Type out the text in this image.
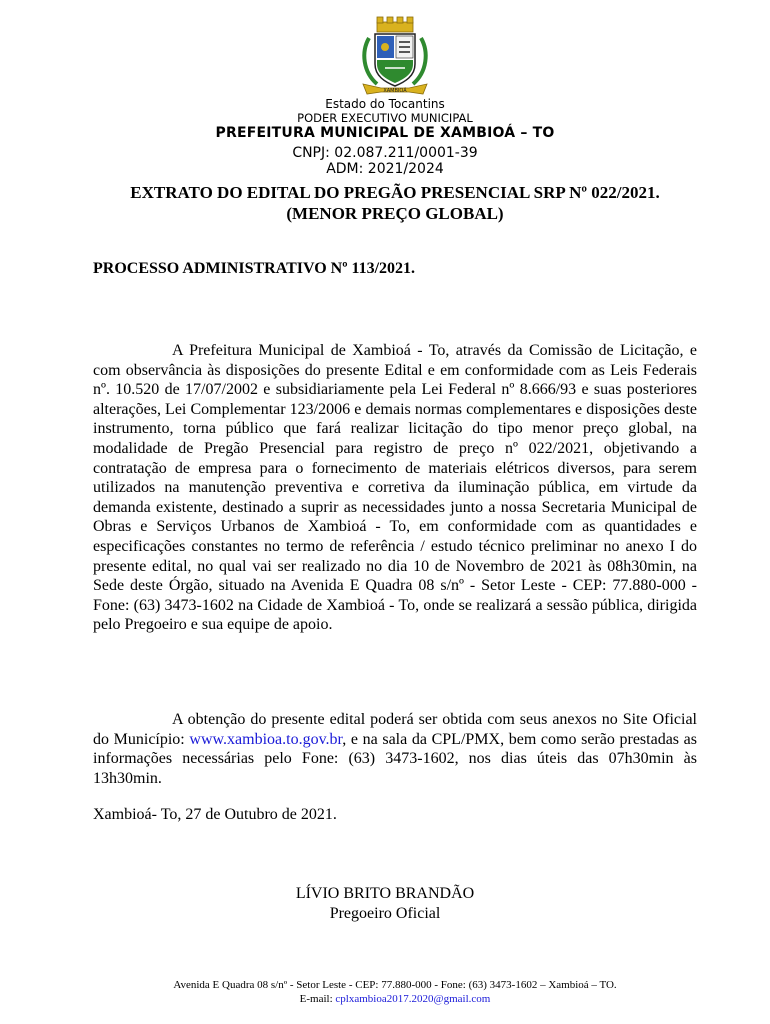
XAMBIOÁ
Estado do Tocantins
PODER EXECUTIVO MUNICIPAL
PREFEITURA MUNICIPAL DE XAMBIOÁ – TO
CNPJ: 02.087.211/0001-39
ADM: 2021/2024
EXTRATO DO EDITAL DO PREGÃO PRESENCIAL SRP Nº 022/2021.
(MENOR PREÇO GLOBAL)
PROCESSO ADMINISTRATIVO Nº 113/2021.

A Prefeitura Municipal de Xambioá - To, através da Comissão de Licitação, e com observância às disposições do presente Edital e em conformidade com as Leis Federais nº. 10.520 de 17/07/2002 e subsidiariamente pela Lei Federal nº 8.666/93 e suas posteriores alterações, Lei Complementar 123/2006 e demais normas complementares e disposições deste instrumento, torna público que fará realizar licitação do tipo menor preço global, na modalidade de Pregão Presencial para registro de preço nº 022/2021, objetivando a contratação de empresa para o fornecimento de materiais elétricos diversos, para serem utilizados na manutenção preventiva e corretiva da iluminação pública, em virtude da demanda existente, destinado a suprir as necessidades junto a nossa Secretaria Municipal de Obras e Serviços Urbanos de Xambioá - To, em conformidade com as quantidades e especificações constantes no termo de referência / estudo técnico preliminar no anexo I do presente edital, no qual vai ser realizado no dia 10 de Novembro de 2021 às 08h30min, na Sede deste Órgão, situado na Avenida E Quadra 08 s/nº - Setor Leste - CEP: 77.880-000 - Fone: (63) 3473-1602 na Cidade de Xambioá - To, onde se realizará a sessão pública, dirigida pelo Pregoeiro e sua equipe de apoio.

A obtenção do presente edital poderá ser obtida com seus anexos no Site Oficial do Município: www.xambioa.to.gov.br, e na sala da CPL/PMX, bem como serão prestadas as informações necessárias pelo Fone: (63) 3473-1602, nos dias úteis das 07h30min às 13h30min.

Xambioá- To, 27 de Outubro de 2021.
LÍVIO BRITO BRANDÃO
Pregoeiro Oficial
Avenida E Quadra 08 s/nº - Setor Leste - CEP: 77.880-000 - Fone: (63) 3473-1602 – Xambioá – TO.
E-mail: cplxambioa2017.2020@gmail.com
